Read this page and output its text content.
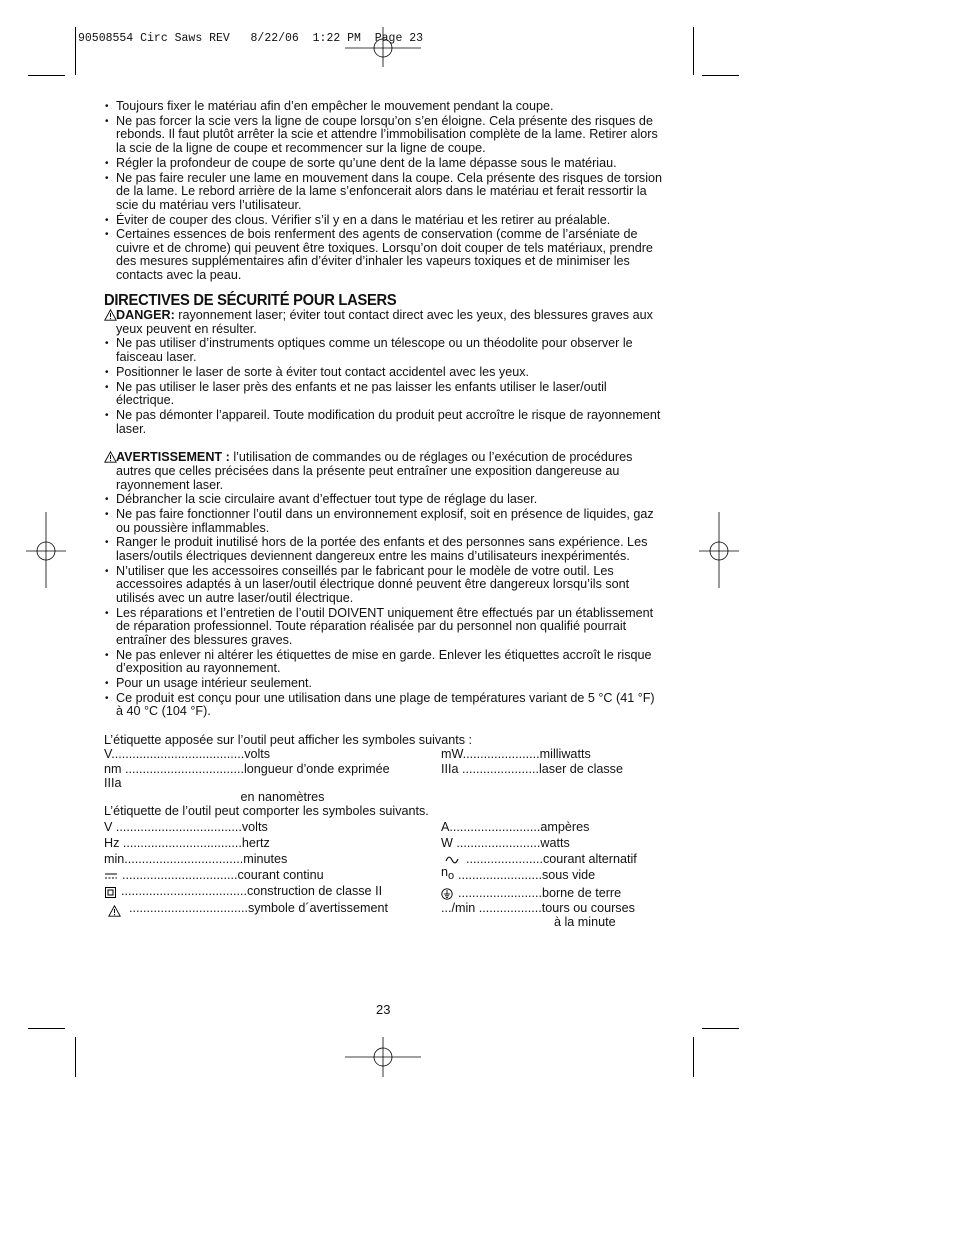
90508554 Circ Saws REV   8/22/06  1:22 PM  Page 23
• Toujours fixer le matériau afin d’en empêcher le mouvement pendant la coupe.
• Ne pas forcer la scie vers la ligne de coupe lorsqu’on s’en éloigne. Cela présente des risques de rebonds. Il faut plutôt arrêter la scie et attendre l’immobilisation complète de la lame. Retirer alors la scie de la ligne de coupe et recommencer sur la ligne de coupe.
• Régler la profondeur de coupe de sorte qu’une dent de la lame dépasse sous le matériau.
• Ne pas faire reculer une lame en mouvement dans la coupe. Cela présente des risques de torsion de la lame. Le rebord arrière de la lame s’enfoncerait alors dans le matériau et ferait ressortir la scie du matériau vers l’utilisateur.
• Éviter de couper des clous. Vérifier s’il y en a dans le matériau et les retirer au préalable.
• Certaines essences de bois renferment des agents de conservation (comme de l’arséniate de cuivre et de chrome) qui peuvent être toxiques. Lorsqu’on doit couper de tels matériaux, prendre des mesures supplémentaires afin d’éviter d’inhaler les vapeurs toxiques et de minimiser les contacts avec la peau.
DIRECTIVES DE SÉCURITÉ POUR LASERS
DANGER: rayonnement laser; éviter tout contact direct avec les yeux, des blessures graves aux yeux peuvent en résulter.
• Ne pas utiliser d’instruments optiques comme un télescope ou un théodolite pour observer le faisceau laser.
• Positionner le laser de sorte à éviter tout contact accidentel avec les yeux.
• Ne pas utiliser le laser près des enfants et ne pas laisser les enfants utiliser le laser/outil électrique.
• Ne pas démonter l’appareil. Toute modification du produit peut accroître le risque de rayonnement laser.
AVERTISSEMENT : l’utilisation de commandes ou de réglages ou l’exécution de procédures autres que celles précisées dans la présente peut entraîner une exposition dangereuse au rayonnement laser.
• Débrancher la scie circulaire avant d’effectuer tout type de réglage du laser.
• Ne pas faire fonctionner l’outil dans un environnement explosif, soit en présence de liquides, gaz ou poussière inflammables.
• Ranger le produit inutilisé hors de la portée des enfants et des personnes sans expérience. Les lasers/outils électriques deviennent dangereux entre les mains d’utilisateurs inexpérimentés.
• N’utiliser que les accessoires conseillés par le fabricant pour le modèle de votre outil. Les accessoires adaptés à un laser/outil électrique donné peuvent être dangereux lorsqu’ils sont utilisés avec un autre laser/outil électrique.
• Les réparations et l’entretien de l’outil DOIVENT uniquement être effectués par un établissement de réparation professionnel. Toute réparation réalisée par du personnel non qualifié pourrait entraîner des blessures graves.
• Ne pas enlever ni altérer les étiquettes de mise en garde. Enlever les étiquettes accroît le risque d’exposition au rayonnement.
• Pour un usage intérieur seulement.
• Ce produit est conçu pour une utilisation dans une plage de températures variant de 5 °C (41 °F) à 40 °C (104 °F).
L’étiquette apposée sur l’outil peut afficher les symboles suivants :
V......................................volts	mW......................milliwatts
nm ..................................longueur d’onde exprimée	IIIa ......................laser de classe
IIIa
en nanomètres
L’étiquette de l’outil peut comporter les symboles suivants.
V ....................................volts	A..........................ampères
Hz ..................................hertz	W ........................watts
min..................................minutes	......................courant alternatif
.................................courant continu	no ........................sous vide
....................................construction de classe II	........................borne de terre
..................................symbole d´avertissement	.../min ..................tours ou courses
à la minute
23
